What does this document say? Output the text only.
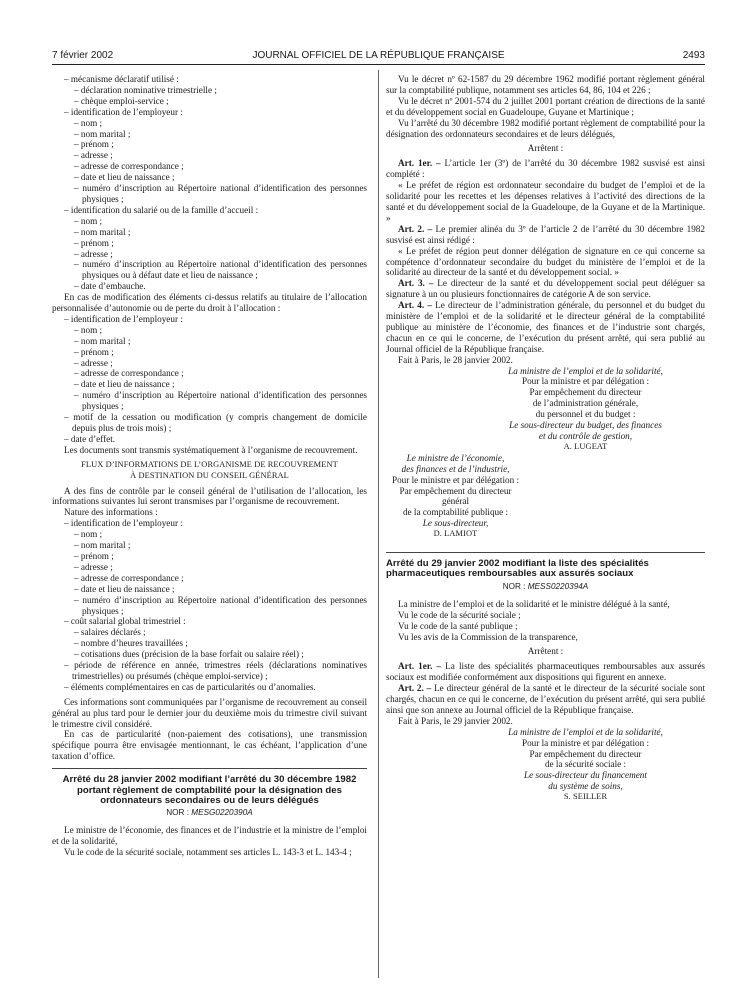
7 février 2002	JOURNAL OFFICIEL DE LA RÉPUBLIQUE FRANÇAISE	2493

– mécanisme déclaratif utilisé :

– déclaration nominative trimestrielle ;

– chèque emploi-service ;

– identification de l’employeur :

– nom ;

– nom marital ;

– prénom ;

– adresse ;

– adresse de correspondance ;

– date et lieu de naissance ;

– numéro d’inscription au Répertoire national d’identification des personnes physiques ;

– identification du salarié ou de la famille d’accueil :

– nom ;

– nom marital ;

– prénom ;

– adresse ;

– numéro d’inscription au Répertoire national d’identification des personnes physiques ou à défaut date et lieu de naissance ;

– date d’embauche.

En cas de modification des éléments ci-dessus relatifs au titulaire de l’allocation personnalisée d’autonomie ou de perte du droit à l’allocation :

– identification de l’employeur :

– nom ;

– nom marital ;

– prénom ;

– adresse ;

– adresse de correspondance ;

– date et lieu de naissance ;

– numéro d’inscription au Répertoire national d’identification des personnes physiques ;

– motif de la cessation ou modification (y compris changement de domicile depuis plus de trois mois) ;

– date d’effet.

Les documents sont transmis systématiquement à l’organisme de recouvrement.

FLUX D’INFORMATIONS DE L’ORGANISME DE RECOUVREMENT

À DESTINATION DU CONSEIL GÉNÉRAL

A des fins de contrôle par le conseil général de l’utilisation de l’allocation, les informations suivantes lui seront transmises par l’organisme de recouvrement.

Nature des informations :

– identification de l’employeur :

– nom ;

– nom marital ;

– prénom ;

– adresse ;

– adresse de correspondance ;

– date et lieu de naissance ;

– numéro d’inscription au Répertoire national d’identification des personnes physiques ;

– coût salarial global trimestriel :

– salaires déclarés ;

– nombre d’heures travaillées ;

– cotisations dues (précision de la base forfait ou salaire réel) ;

– période de référence en année, trimestres réels (déclarations nominatives trimestrielles) ou présumés (chèque emploi-service) ;

– éléments complémentaires en cas de particularités ou d’anomalies.

Ces informations sont communiquées par l’organisme de recouvrement au conseil général au plus tard pour le dernier jour du deuxième mois du trimestre civil suivant le trimestre civil considéré.

En cas de particularité (non-paiement des cotisations), une transmission spécifique pourra être envisagée mentionnant, le cas échéant, l’application d’une taxation d’office.

Arrêté du 28 janvier 2002 modifiant l’arrêté du 30 décembre 1982 portant règlement de comptabilité pour la désignation des ordonnateurs secondaires ou de leurs délégués

NOR : MESG0220390A

Le ministre de l’économie, des finances et de l’industrie et la ministre de l’emploi et de la solidarité,

Vu le code de la sécurité sociale, notamment ses articles L. 143-3 et L. 143-4 ;

Vu le décret nº 62-1587 du 29 décembre 1962 modifié portant règlement général sur la comptabilité publique, notamment ses articles 64, 86, 104 et 226 ;

Vu le décret nº 2001-574 du 2 juillet 2001 portant création de directions de la santé et du développement social en Guadeloupe, Guyane et Martinique ;

Vu l’arrêté du 30 décembre 1982 modifié portant règlement de comptabilité pour la désignation des ordonnateurs secondaires et de leurs délégués,

Arrêtent :

Art. 1er. – L’article 1er (3º) de l’arrêté du 30 décembre 1982 susvisé est ainsi complété :

« Le préfet de région est ordonnateur secondaire du budget de l’emploi et de la solidarité pour les recettes et les dépenses relatives à l’activité des directions de la santé et du développement social de la Guadeloupe, de la Guyane et de la Martinique. »

Art. 2. – Le premier alinéa du 3º de l’article 2 de l’arrêté du 30 décembre 1982 susvisé est ainsi rédigé :

« Le préfet de région peut donner délégation de signature en ce qui concerne sa compétence d’ordonnateur secondaire du budget du ministère de l’emploi et de la solidarité au directeur de la santé et du développement social. »

Art. 3. – Le directeur de la santé et du développement social peut déléguer sa signature à un ou plusieurs fonctionnaires de catégorie A de son service.

Art. 4. – Le directeur de l’administration générale, du personnel et du budget du ministère de l’emploi et de la solidarité et le directeur général de la comptabilité publique au ministère de l’économie, des finances et de l’industrie sont chargés, chacun en ce qui le concerne, de l’exécution du présent arrêté, qui sera publié au Journal officiel de la République française.

Fait à Paris, le 28 janvier 2002.

La ministre de l’emploi et de la solidarité,

Pour la ministre et par délégation :

Par empêchement du directeur

de l’administration générale,

du personnel et du budget :

Le sous-directeur du budget, des finances

et du contrôle de gestion,

A. LUGEAT

Le ministre de l’économie,

des finances et de l’industrie,

Pour le ministre et par délégation :

Par empêchement du directeur général

de la comptabilité publique :

Le sous-directeur,

D. LAMIOT

Arrêté du 29 janvier 2002 modifiant la liste des spécialités pharmaceutiques remboursables aux assurés sociaux

NOR : MESS0220394A

La ministre de l’emploi et de la solidarité et le ministre délégué à la santé,

Vu le code de la sécurité sociale ;

Vu le code de la santé publique ;

Vu les avis de la Commission de la transparence,

Arrêtent :

Art. 1er. – La liste des spécialités pharmaceutiques remboursables aux assurés sociaux est modifiée conformément aux dispositions qui figurent en annexe.

Art. 2. – Le directeur général de la santé et le directeur de la sécurité sociale sont chargés, chacun en ce qui le concerne, de l’exécution du présent arrêté, qui sera publié ainsi que son annexe au Journal officiel de la République française.

Fait à Paris, le 29 janvier 2002.

La ministre de l’emploi et de la solidarité,

Pour la ministre et par délégation :

Par empêchement du directeur

de la sécurité sociale :

Le sous-directeur du financement

du système de soins,

S. SEILLER
